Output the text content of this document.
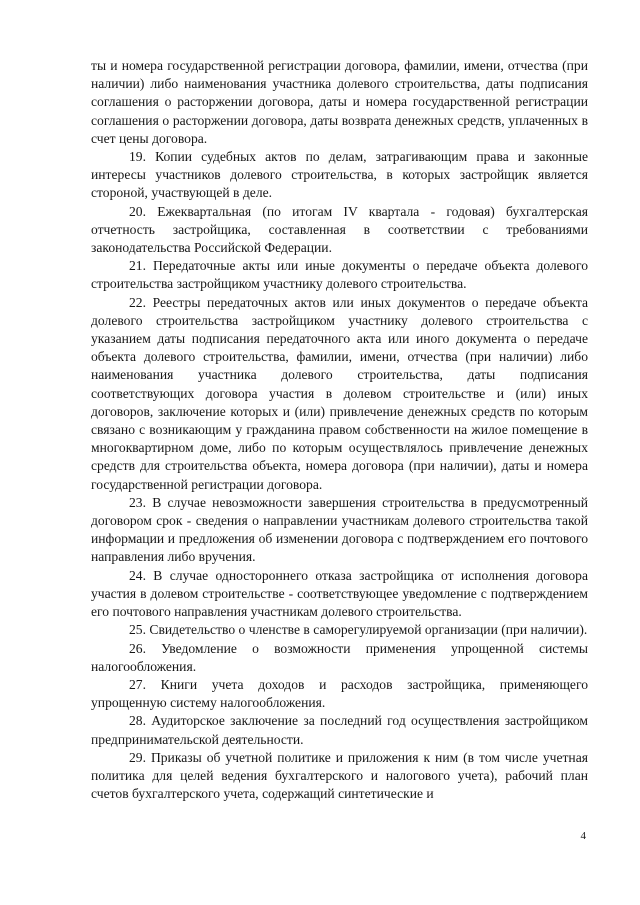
ты и номера государственной регистрации договора, фамилии, имени, отчества (при наличии) либо наименования участника долевого строительства, даты подписания соглашения о расторжении договора, даты и номера государственной регистрации соглашения о расторжении договора, даты возврата денежных средств, уплаченных в счет цены договора.

19. Копии судебных актов по делам, затрагивающим права и законные интересы участников долевого строительства, в которых застройщик является стороной, участвующей в деле.

20. Ежеквартальная (по итогам IV квартала - годовая) бухгалтерская отчетность застройщика, составленная в соответствии с требованиями законодательства Российской Федерации.

21. Передаточные акты или иные документы о передаче объекта долевого строительства застройщиком участнику долевого строительства.

22. Реестры передаточных актов или иных документов о передаче объекта долевого строительства застройщиком участнику долевого строительства с указанием даты подписания передаточного акта или иного документа о передаче объекта долевого строительства, фамилии, имени, отчества (при наличии) либо наименования участника долевого строительства, даты подписания соответствующих договора участия в долевом строительстве и (или) иных договоров, заключение которых и (или) привлечение денежных средств по которым связано с возникающим у гражданина правом собственности на жилое помещение в многоквартирном доме, либо по которым осуществлялось привлечение денежных средств для строительства объекта, номера договора (при наличии), даты и номера государственной регистрации договора.

23. В случае невозможности завершения строительства в предусмотренный договором срок - сведения о направлении участникам долевого строительства такой информации и предложения об изменении договора с подтверждением его почтового направления либо вручения.

24. В случае одностороннего отказа застройщика от исполнения договора участия в долевом строительстве - соответствующее уведомление с подтверждением его почтового направления участникам долевого строительства.

25. Свидетельство о членстве в саморегулируемой организации (при наличии).

26. Уведомление о возможности применения упрощенной системы налогообложения.

27. Книги учета доходов и расходов застройщика, применяющего упрощенную систему налогообложения.

28. Аудиторское заключение за последний год осуществления застройщиком предпринимательской деятельности.

29. Приказы об учетной политике и приложения к ним (в том числе учетная политика для целей ведения бухгалтерского и налогового учета), рабочий план счетов бухгалтерского учета, содержащий синтетические и

4
